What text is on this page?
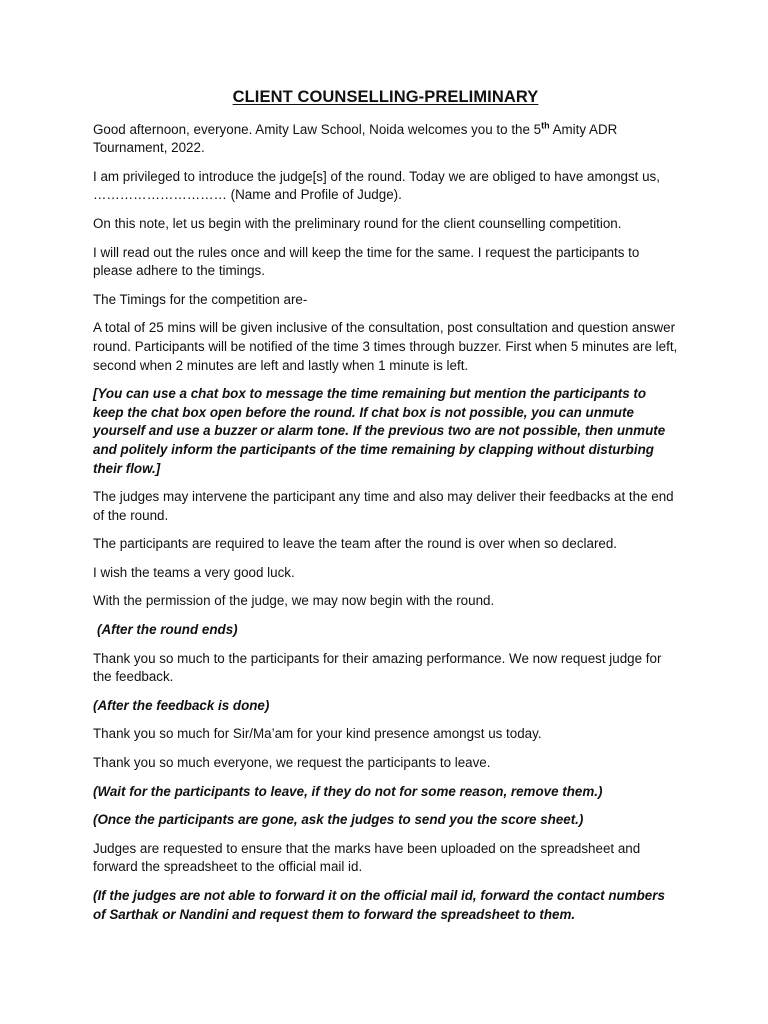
CLIENT COUNSELLING-PRELIMINARY

Good afternoon, everyone. Amity Law School, Noida welcomes you to the 5th Amity ADR Tournament, 2022.

I am privileged to introduce the judge[s] of the round. Today we are obliged to have amongst us, ………………………… (Name and Profile of Judge).

On this note, let us begin with the preliminary round for the client counselling competition.

I will read out the rules once and will keep the time for the same. I request the participants to please adhere to the timings.

The Timings for the competition are-

A total of 25 mins will be given inclusive of the consultation, post consultation and question answer round. Participants will be notified of the time 3 times through buzzer. First when 5 minutes are left, second when 2 minutes are left and lastly when 1 minute is left.

[You can use a chat box to message the time remaining but mention the participants to keep the chat box open before the round. If chat box is not possible, you can unmute yourself and use a buzzer or alarm tone. If the previous two are not possible, then unmute and politely inform the participants of the time remaining by clapping without disturbing their flow.]

The judges may intervene the participant any time and also may deliver their feedbacks at the end of the round.

The participants are required to leave the team after the round is over when so declared.

I wish the teams a very good luck.

With the permission of the judge, we may now begin with the round.

(After the round ends)

Thank you so much to the participants for their amazing performance. We now request judge for the feedback.

(After the feedback is done)

Thank you so much for Sir/Ma’am for your kind presence amongst us today.

Thank you so much everyone, we request the participants to leave.

(Wait for the participants to leave, if they do not for some reason, remove them.)

(Once the participants are gone, ask the judges to send you the score sheet.)

Judges are requested to ensure that the marks have been uploaded on the spreadsheet and forward the spreadsheet to the official mail id.

(If the judges are not able to forward it on the official mail id, forward the contact numbers of Sarthak or Nandini and request them to forward the spreadsheet to them.
